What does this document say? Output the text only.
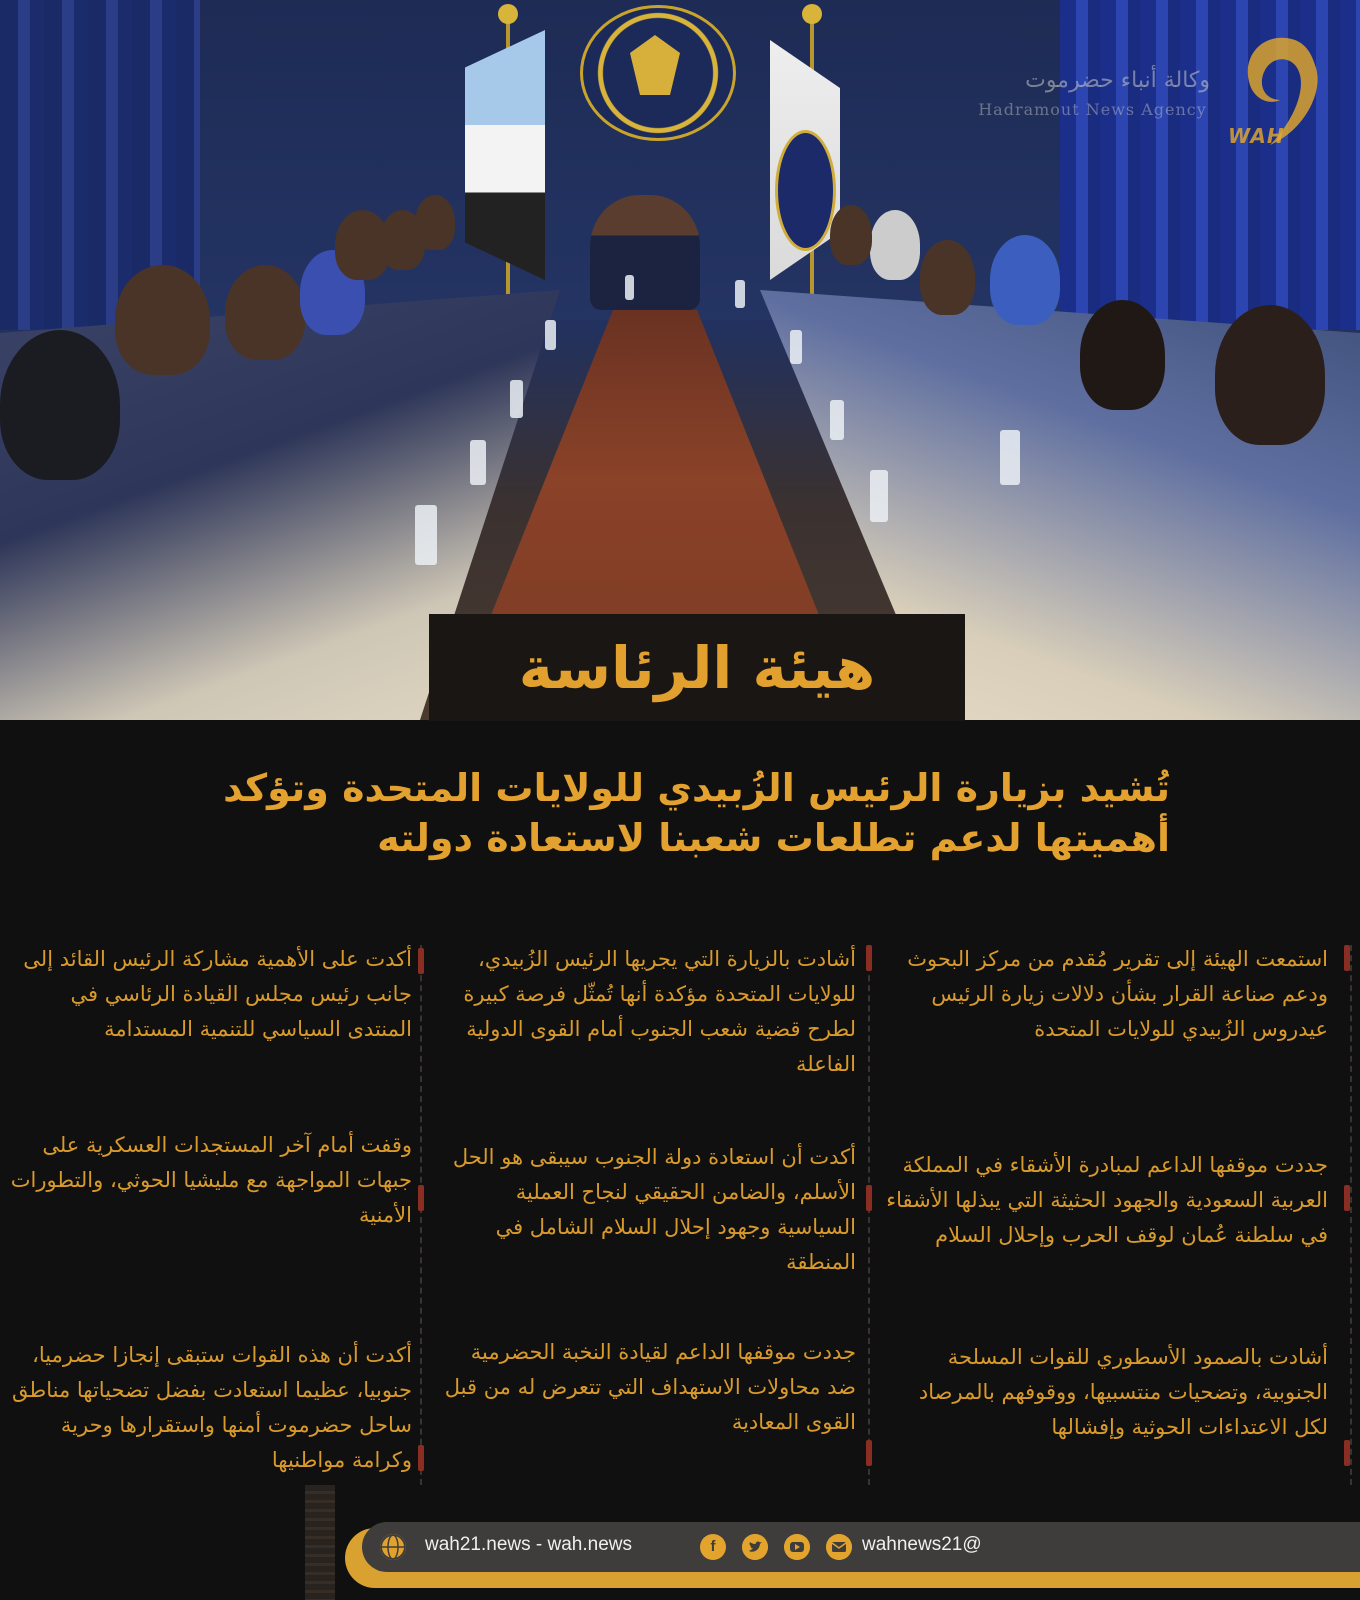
وكالة أنباء حضرموت
Hadramout News Agency
WAH
هيئة الرئاسة
تُشيد بزيارة الرئيس الزُبيدي للولايات المتحدة وتؤكد
أهميتها لدعم تطلعات شعبنا لاستعادة دولته
استمعت الهيئة إلى تقرير مُقدم من مركز البحوث ودعم صناعة القرار بشأن دلالات زيارة الرئيس عيدروس الزُبيدي للولايات المتحدة
جددت موقفها الداعم لمبادرة الأشقاء في المملكة العربية السعودية والجهود الحثيثة التي يبذلها الأشقاء في سلطنة عُمان لوقف الحرب وإحلال السلام
أشادت بالصمود الأسطوري للقوات المسلحة الجنوبية، وتضحيات منتسبيها، ووقوفهم بالمرصاد لكل الاعتداءات الحوثية وإفشالها
أشادت بالزيارة التي يجريها الرئيس الزُبيدي، للولايات المتحدة مؤكدة أنها تُمثّل فرصة كبيرة لطرح قضية شعب الجنوب أمام القوى الدولية الفاعلة
أكدت أن استعادة دولة الجنوب سيبقى هو الحل الأسلم، والضامن الحقيقي لنجاح العملية السياسية وجهود إحلال السلام الشامل في المنطقة
جددت موقفها الداعم لقيادة النخبة الحضرمية ضد محاولات الاستهداف التي تتعرض له من قبل القوى المعادية
أكدت على الأهمية مشاركة الرئيس القائد إلى جانب رئيس مجلس القيادة الرئاسي في المنتدى السياسي للتنمية المستدامة
وقفت أمام آخر المستجدات العسكرية على جبهات المواجهة مع مليشيا الحوثي، والتطورات الأمنية
أكدت أن هذه القوات ستبقى إنجازا حضرميا، جنوبيا، عظيما استعادت بفضل تضحياتها مناطق ساحل حضرموت أمنها واستقرارها وحرية وكرامة مواطنيها
wah21.news - wah.news	f	wahnews21@
